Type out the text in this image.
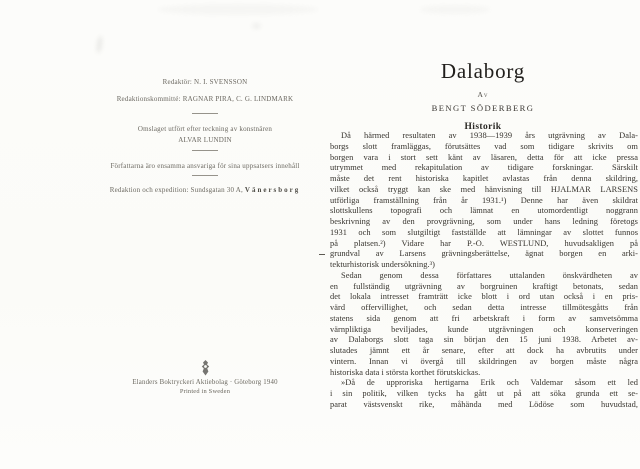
Redaktör: N. I. SVENSSON
Redaktionskommitté: RAGNAR PIRA, C. G. LINDMARK
Omslaget utfört efter teckning av konstnären
ALVAR LUNDIN
Författarna äro ensamma ansvariga för sina uppsatsers innehåll
Redaktion och expedition: Sundsgatan 30 A, Vänersborg
Elanders Boktryckeri Aktiebolag · Göteborg 1940
Printed in Sweden
Dalaborg
Av
BENGT SÖDERBERG
Historik
Då härmed resultaten av 1938—1939 års utgrävning av Dala-
borgs slott framläggas, förutsättes vad som tidigare skrivits om
borgen vara i stort sett känt av läsaren, detta för att icke pressa
utrymmet med rekapitulation av tidigare forskningar. Särskilt
måste det rent historiska kapitlet avlastas från denna skildring,
vilket också tryggt kan ske med hänvisning till HJALMAR LARSENS
utförliga framställning från år 1931.¹) Denne har även skildrat
slottskullens topografi och lämnat en utomordentligt noggrann
beskrivning av den provgrävning, som under hans ledning företogs
1931 och som slutgiltigt fastställde att lämningar av slottet funnos
på platsen.²) Vidare har P.-O. WESTLUND, huvudsakligen på
grundval av Larsens grävningsberättelse, ägnat borgen en arki-
tekturhistorisk undersökning.³)
Sedan genom dessa författares uttalanden önskvärdheten av
en fullständig utgrävning av borgruinen kraftigt betonats, sedan
det lokala intresset framträtt icke blott i ord utan också i en pris-
värd offervillighet, och sedan detta intresse tillmötesgåtts från
statens sida genom att fri arbetskraft i form av samvetsömma
värnpliktiga beviljades, kunde utgrävningen och konserveringen
av Dalaborgs slott taga sin början den 15 juni 1938. Arbetet av-
slutades jämnt ett år senare, efter att dock ha avbrutits under
vintern. Innan vi övergå till skildringen av borgen måste några
historiska data i största korthet förutskickas.
»Då de upproriska hertigarna Erik och Valdemar såsom ett led
i sin politik, vilken tycks ha gått ut på att söka grunda ett se-
parat västsvenskt rike, måhända med Lödöse som huvudstad,
